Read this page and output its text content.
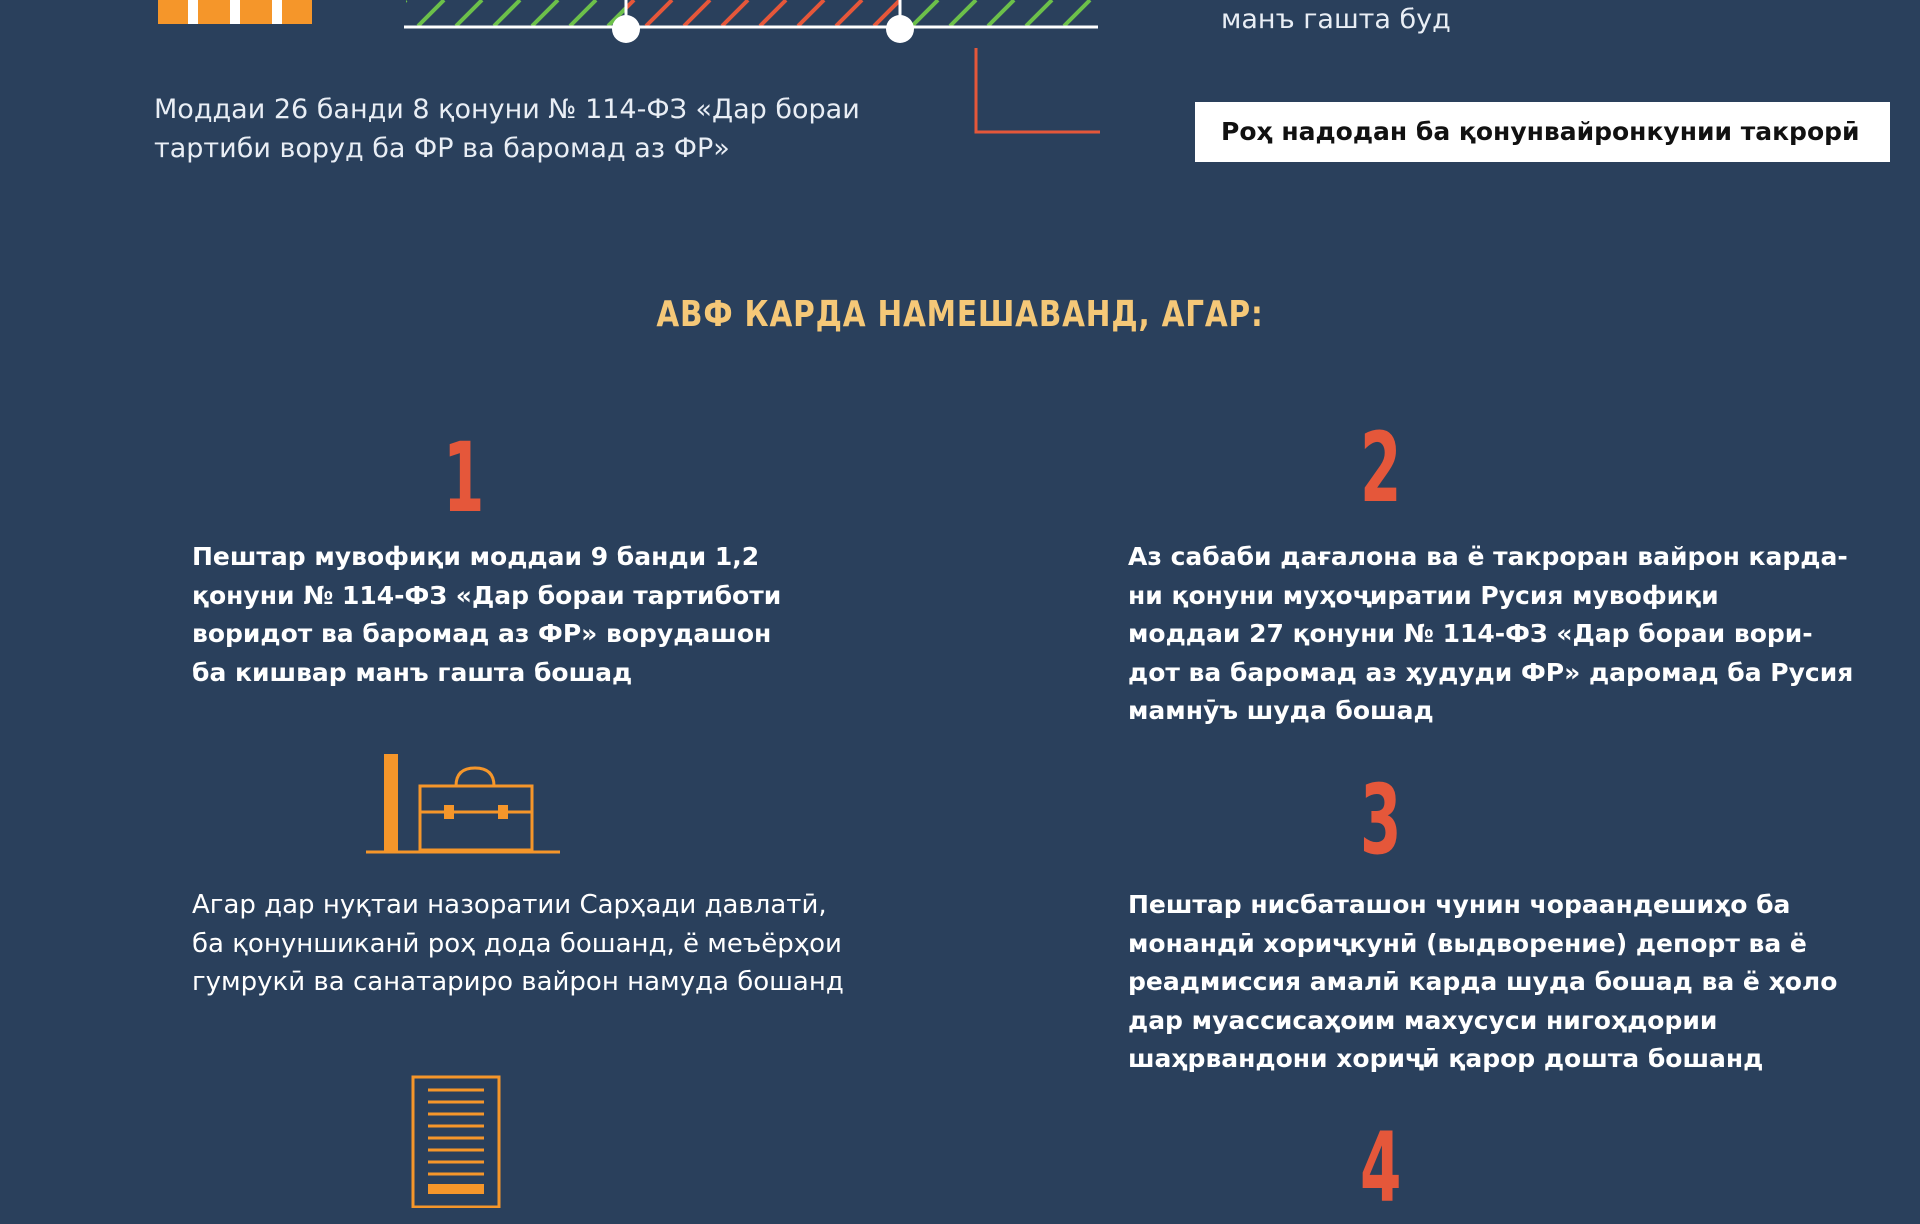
манъ гашта буд
Моддаи 26 банди 8 қонуни № 114-ФЗ «Дар бораи
тартиби воруд ба ФР ва баромад аз ФР»
Роҳ надодан ба қонунвайронкунии такрорӣ
АВФ КАРДА НАМЕШАВАНД, АГАР:
1
Пештар мувофиқи моддаи 9 банди 1,2
қонуни № 114-ФЗ «Дар бораи тартиботи
воридот ва баромад аз ФР» ворудашон
ба кишвар манъ гашта бошад
2
Аз сабаби дағалона ва ё такроран вайрон карда-
ни қонуни муҳоҷиратии Русия мувофиқи
моддаи 27 қонуни № 114-ФЗ «Дар бораи вори-
дот ва баромад аз ҳудуди ФР» даромад ба Русия
мамнӯъ шуда бошад
Агар дар нуқтаи назоратии Сарҳади давлатӣ,
ба қонуншиканӣ роҳ дода бошанд, ё меъёрҳои
гумрукӣ ва санатариро вайрон намуда бошанд
3
Пештар нисбаташон чунин чораандешиҳо ба
монандӣ хориҷкунӣ (выдворение) депорт ва ё
реадмиссия амалӣ карда шуда бошад ва ё ҳоло
дар муассисаҳоим махусуси нигоҳдории
шаҳрвандони хориҷӣ қарор дошта бошанд
4
